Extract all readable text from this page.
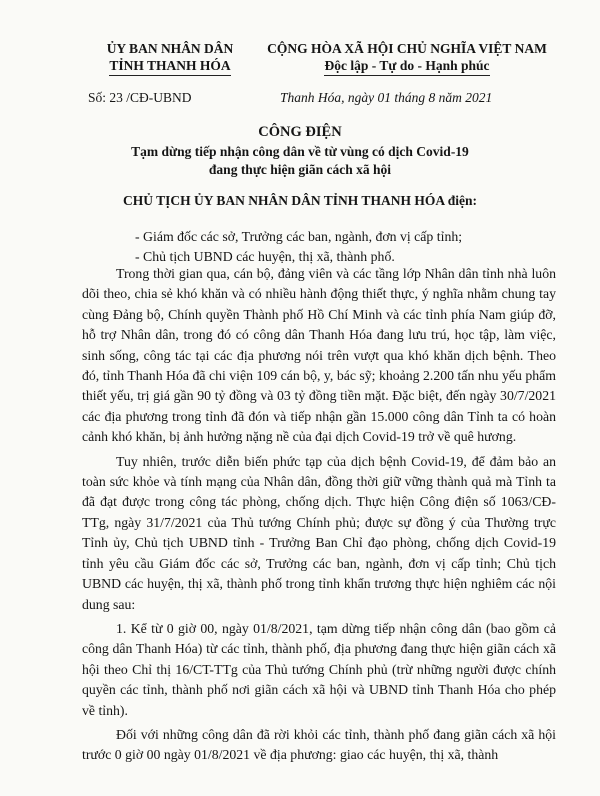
ỦY BAN NHÂN DÂN
TỈNH THANH HÓA
CỘNG HÒA XÃ HỘI CHỦ NGHĨA VIỆT NAM
Độc lập - Tự do - Hạnh phúc
Số: 23 /CĐ-UBND	Thanh Hóa, ngày 01 tháng 8 năm 2021
CÔNG ĐIỆN
Tạm dừng tiếp nhận công dân về từ vùng có dịch Covid-19
đang thực hiện giãn cách xã hội
CHỦ TỊCH ỦY BAN NHÂN DÂN TỈNH THANH HÓA điện:
- Giám đốc các sở, Trưởng các ban, ngành, đơn vị cấp tỉnh;
- Chủ tịch UBND các huyện, thị xã, thành phố.

Trong thời gian qua, cán bộ, đảng viên và các tầng lớp Nhân dân tỉnh nhà luôn dõi theo, chia sẻ khó khăn và có nhiều hành động thiết thực, ý nghĩa nhằm chung tay cùng Đảng bộ, Chính quyền Thành phố Hồ Chí Minh và các tỉnh phía Nam giúp đỡ, hỗ trợ Nhân dân, trong đó có công dân Thanh Hóa đang lưu trú, học tập, làm việc, sinh sống, công tác tại các địa phương nói trên vượt qua khó khăn dịch bệnh. Theo đó, tỉnh Thanh Hóa đã chi viện 109 cán bộ, y, bác sỹ; khoảng 2.200 tấn nhu yếu phẩm thiết yếu, trị giá gần 90 tỷ đồng và 03 tỷ đồng tiền mặt. Đặc biệt, đến ngày 30/7/2021 các địa phương trong tỉnh đã đón và tiếp nhận gần 15.000 công dân Tỉnh ta có hoàn cảnh khó khăn, bị ảnh hưởng nặng nề của đại dịch Covid-19 trở về quê hương.

Tuy nhiên, trước diễn biến phức tạp của dịch bệnh Covid-19, để đảm bảo an toàn sức khỏe và tính mạng của Nhân dân, đồng thời giữ vững thành quả mà Tỉnh ta đã đạt được trong công tác phòng, chống dịch. Thực hiện Công điện số 1063/CĐ-TTg, ngày 31/7/2021 của Thủ tướng Chính phủ; được sự đồng ý của Thường trực Tỉnh ủy, Chủ tịch UBND tỉnh - Trưởng Ban Chỉ đạo phòng, chống dịch Covid-19 tỉnh yêu cầu Giám đốc các sở, Trưởng các ban, ngành, đơn vị cấp tỉnh; Chủ tịch UBND các huyện, thị xã, thành phố trong tỉnh khẩn trương thực hiện nghiêm các nội dung sau:

1. Kể từ 0 giờ 00, ngày 01/8/2021, tạm dừng tiếp nhận công dân (bao gồm cả công dân Thanh Hóa) từ các tỉnh, thành phố, địa phương đang thực hiện giãn cách xã hội theo Chỉ thị 16/CT-TTg của Thủ tướng Chính phủ (trừ những người được chính quyền các tỉnh, thành phố nơi giãn cách xã hội và UBND tỉnh Thanh Hóa cho phép về tỉnh).

Đối với những công dân đã rời khỏi các tỉnh, thành phố đang giãn cách xã hội trước 0 giờ 00 ngày 01/8/2021 về địa phương: giao các huyện, thị xã, thành
